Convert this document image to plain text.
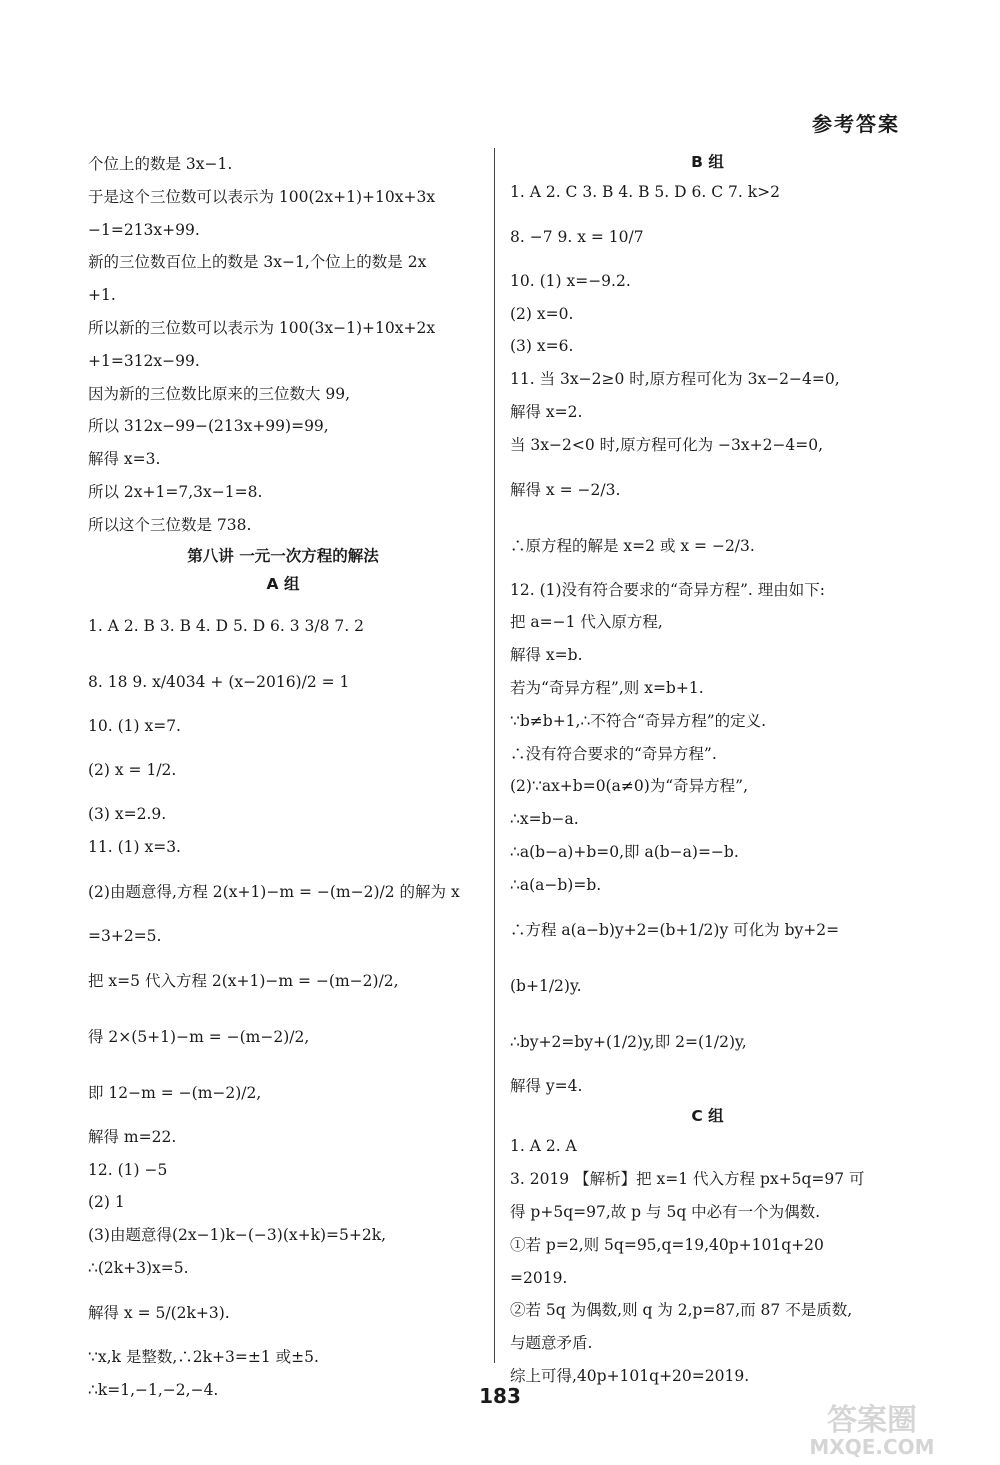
参考答案
个位上的数是 3x−1.
于是这个三位数可以表示为 100(2x+1)+10x+3x
−1=213x+99.
新的三位数百位上的数是 3x−1,个位上的数是 2x
+1.
所以新的三位数可以表示为 100(3x−1)+10x+2x
+1=312x−99.
因为新的三位数比原来的三位数大 99,
所以 312x−99−(213x+99)=99,
解得 x=3.
所以 2x+1=7,3x−1=8.
所以这个三位数是 738.
第八讲 一元一次方程的解法
A 组
1. A 2. B 3. B 4. D 5. D 6. 3 3/8 7. 2
8. 18 9. x/4034 + (x−2016)/2 = 1
10. (1) x=7.
(2) x = 1/2.
(3) x=2.9.
11. (1) x=3.
(2)由题意得,方程 2(x+1)−m = −(m−2)/2 的解为 x
=3+2=5.
把 x=5 代入方程 2(x+1)−m = −(m−2)/2,
得 2×(5+1)−m = −(m−2)/2,
即 12−m = −(m−2)/2,
解得 m=22.
12. (1) −5
(2) 1
(3)由题意得(2x−1)k−(−3)(x+k)=5+2k,
∴(2k+3)x=5.
解得 x = 5/(2k+3).
∵x,k 是整数,∴2k+3=±1 或±5.
∴k=1,−1,−2,−4.
B 组
1. A 2. C 3. B 4. B 5. D 6. C 7. k>2
8. −7 9. x = 10/7
10. (1) x=−9.2.
(2) x=0.
(3) x=6.
11. 当 3x−2≥0 时,原方程可化为 3x−2−4=0,
解得 x=2.
当 3x−2<0 时,原方程可化为 −3x+2−4=0,
解得 x = −2/3.
∴原方程的解是 x=2 或 x = −2/3.
12. (1)没有符合要求的“奇异方程”. 理由如下:
把 a=−1 代入原方程,
解得 x=b.
若为“奇异方程”,则 x=b+1.
∵b≠b+1,∴不符合“奇异方程”的定义.
∴没有符合要求的“奇异方程”.
(2)∵ax+b=0(a≠0)为“奇异方程”,
∴x=b−a.
∴a(b−a)+b=0,即 a(b−a)=−b.
∴a(a−b)=b.
∴方程 a(a−b)y+2=(b+1/2)y 可化为 by+2=
(b+1/2)y.
∴by+2=by+(1/2)y,即 2=(1/2)y,
解得 y=4.
C 组
1. A 2. A
3. 2019 【解析】把 x=1 代入方程 px+5q=97 可
得 p+5q=97,故 p 与 5q 中必有一个为偶数.
①若 p=2,则 5q=95,q=19,40p+101q+20
=2019.
②若 5q 为偶数,则 q 为 2,p=87,而 87 不是质数,
与题意矛盾.
综上可得,40p+101q+20=2019.
183
答案圈
MXQE.COM
